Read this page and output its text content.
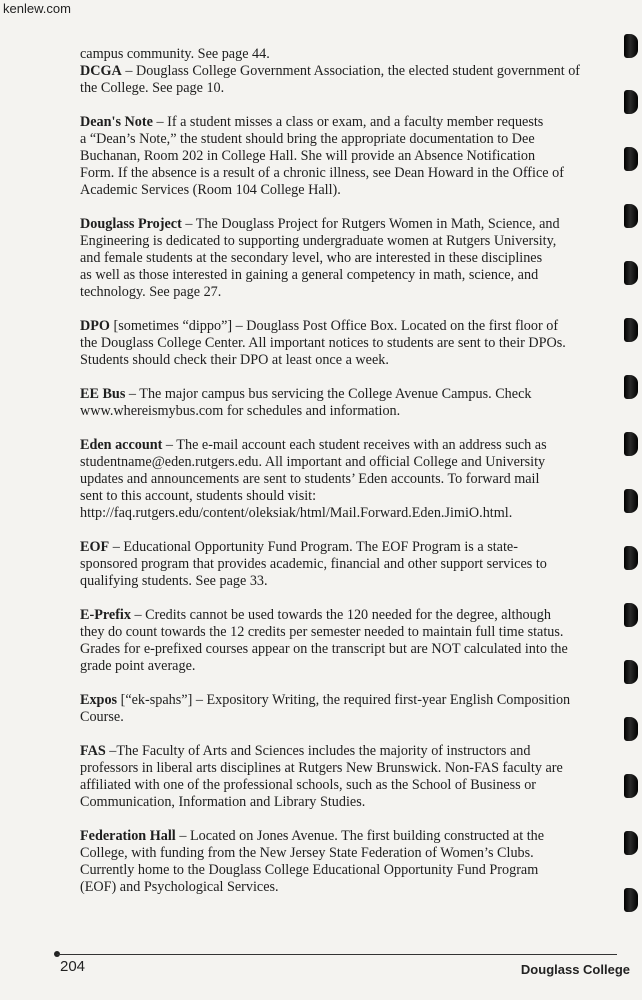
kenlew.com

campus community. See page 44.

DCGA – Douglass College Government Association, the elected student government of
the College. See page 10.

Dean's Note – If a student misses a class or exam, and a faculty member requests
a “Dean’s Note,” the student should bring the appropriate documentation to Dee
Buchanan, Room 202 in College Hall. She will provide an Absence Notification
Form. If the absence is a result of a chronic illness, see Dean Howard in the Office of
Academic Services (Room 104 College Hall).

Douglass Project – The Douglass Project for Rutgers Women in Math, Science, and
Engineering is dedicated to supporting undergraduate women at Rutgers University,
and female students at the secondary level, who are interested in these disciplines
as well as those interested in gaining a general competency in math, science, and
technology. See page 27.

DPO [sometimes “dippo”] – Douglass Post Office Box. Located on the first floor of
the Douglass College Center. All important notices to students are sent to their DPOs.
Students should check their DPO at least once a week.

EE Bus – The major campus bus servicing the College Avenue Campus. Check
www.whereismybus.com for schedules and information.

Eden account – The e-mail account each student receives with an address such as
studentname@eden.rutgers.edu. All important and official College and University
updates and announcements are sent to students’ Eden accounts. To forward mail
sent to this account, students should visit:
http://faq.rutgers.edu/content/oleksiak/html/Mail.Forward.Eden.JimiO.html.

EOF – Educational Opportunity Fund Program. The EOF Program is a state-
sponsored program that provides academic, financial and other support services to
qualifying students. See page 33.

E-Prefix – Credits cannot be used towards the 120 needed for the degree, although
they do count towards the 12 credits per semester needed to maintain full time status.
Grades for e-prefixed courses appear on the transcript but are NOT calculated into the
grade point average.

Expos [“ek-spahs”] – Expository Writing, the required first-year English Composition
Course.

FAS –The Faculty of Arts and Sciences includes the majority of instructors and
professors in liberal arts disciplines at Rutgers New Brunswick. Non-FAS faculty are
affiliated with one of the professional schools, such as the School of Business or
Communication, Information and Library Studies.

Federation Hall – Located on Jones Avenue. The first building constructed at the
College, with funding from the New Jersey State Federation of Women’s Clubs.
Currently home to the Douglass College Educational Opportunity Fund Program
(EOF) and Psychological Services.

204	Douglass College
